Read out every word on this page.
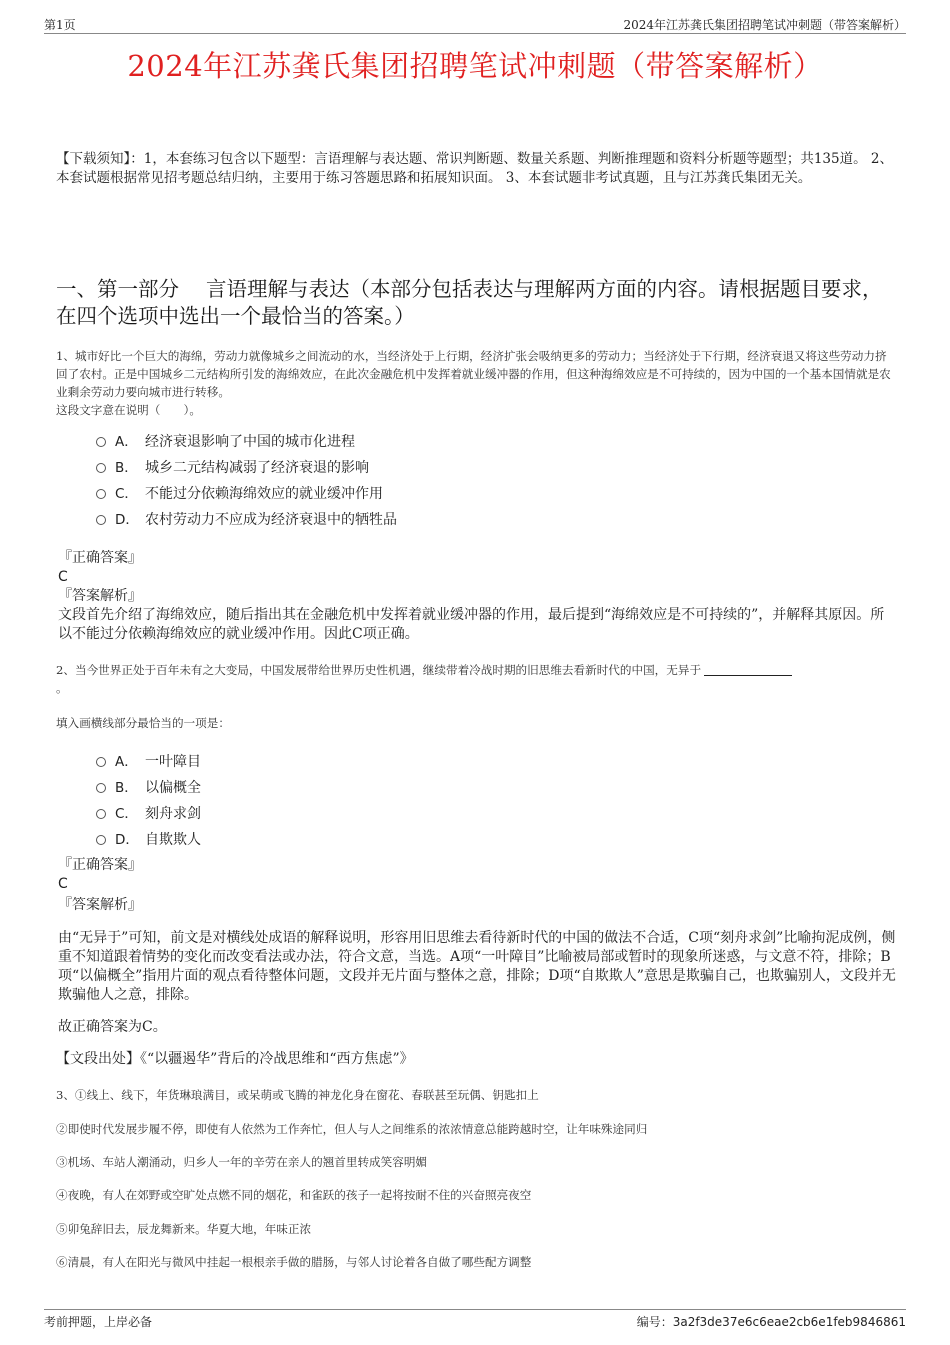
第1页	2024年江苏龚氏集团招聘笔试冲刺题（带答案解析）
2024年江苏龚氏集团招聘笔试冲刺题（带答案解析）
【下载须知】：1，本套练习包含以下题型：言语理解与表达题、常识判断题、数量关系题、判断推理题和资料分析题等题型；共135道。 2、本套试题根据常见招考题总结归纳，主要用于练习答题思路和拓展知识面。 3、本套试题非考试真题，且与江苏龚氏集团无关。
一、第一部分　 言语理解与表达（本部分包括表达与理解两方面的内容。请根据题目要求，在四个选项中选出一个最恰当的答案。）
1、城市好比一个巨大的海绵，劳动力就像城乡之间流动的水，当经济处于上行期，经济扩张会吸纳更多的劳动力；当经济处于下行期，经济衰退又将这些劳动力挤回了农村。正是中国城乡二元结构所引发的海绵效应，在此次金融危机中发挥着就业缓冲器的作用，但这种海绵效应是不可持续的，因为中国的一个基本国情就是农业剩余劳动力要向城市进行转移。
这段文字意在说明（　　）。
A． 经济衰退影响了中国的城市化进程
B． 城乡二元结构减弱了经济衰退的影响
C． 不能过分依赖海绵效应的就业缓冲作用
D． 农村劳动力不应成为经济衰退中的牺牲品
『正确答案』
C
『答案解析』
文段首先介绍了海绵效应，随后指出其在金融危机中发挥着就业缓冲器的作用，最后提到“海绵效应是不可持续的”，并解释其原因。所以不能过分依赖海绵效应的就业缓冲作用。因此C项正确。
2、当今世界正处于百年未有之大变局，中国发展带给世界历史性机遇，继续带着冷战时期的旧思维去看新时代的中国，无异于
。
填入画横线部分最恰当的一项是：
A． 一叶障目
B． 以偏概全
C． 刻舟求剑
D． 自欺欺人
『正确答案』
C
『答案解析』
由“无异于”可知，前文是对横线处成语的解释说明，形容用旧思维去看待新时代的中国的做法不合适，C项“刻舟求剑”比喻拘泥成例，侧重不知道跟着情势的变化而改变看法或办法，符合文意，当选。A项“一叶障目”比喻被局部或暂时的现象所迷惑，与文意不符，排除；B项“以偏概全”指用片面的观点看待整体问题，文段并无片面与整体之意，排除；D项“自欺欺人”意思是欺骗自己，也欺骗别人，文段并无欺骗他人之意，排除。
故正确答案为C。
【文段出处】《“以疆遏华”背后的冷战思维和“西方焦虑”》
3、①线上、线下，年货琳琅满目，或呆萌或飞腾的神龙化身在窗花、春联甚至玩偶、钥匙扣上
②即使时代发展步履不停，即使有人依然为工作奔忙，但人与人之间维系的浓浓情意总能跨越时空，让年味殊途同归
③机场、车站人潮涌动，归乡人一年的辛劳在亲人的翘首里转成笑容明媚
④夜晚，有人在郊野或空旷处点燃不同的烟花，和雀跃的孩子一起将按耐不住的兴奋照亮夜空
⑤卯兔辞旧去，辰龙舞新来。华夏大地，年味正浓
⑥清晨，有人在阳光与微风中挂起一根根亲手做的腊肠，与邻人讨论着各自做了哪些配方调整
考前押题，上岸必备	编号：3a2f3de37e6c6eae2cb6e1feb9846861
